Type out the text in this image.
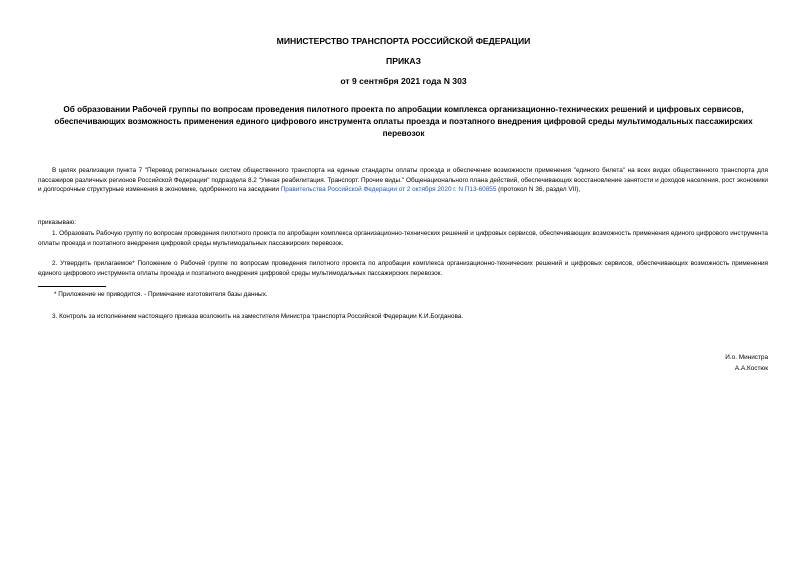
МИНИСТЕРСТВО ТРАНСПОРТА РОССИЙСКОЙ ФЕДЕРАЦИИ
ПРИКАЗ
от 9 сентября 2021 года N 303
Об образовании Рабочей группы по вопросам проведения пилотного проекта по апробации комплекса организационно-технических решений и цифровых сервисов, обеспечивающих возможность применения единого цифрового инструмента оплаты проезда и поэтапного внедрения цифровой среды мультимодальных пассажирских перевозок
В целях реализации пункта 7 "Перевод региональных систем общественного транспорта на единые стандарты оплаты проезда и обеспечение возможности применения "единого билета" на всех видах общественного транспорта для пассажиров различных регионов Российской Федерации" подраздела 8.2 "Умная реабилитация. Транспорт. Прочие виды." Общенационального плана действий, обеспечивающих восстановление занятости и доходов населения, рост экономики и долгосрочные структурные изменения в экономике, одобренного на заседании Правительства Российской Федерации от 2 октября 2020 г. N П13-60855 (протокол N 36, раздел VII),
приказываю:
1. Образовать Рабочую группу по вопросам проведения пилотного проекта по апробации комплекса организационно-технических решений и цифровых сервисов, обеспечивающих возможность применения единого цифрового инструмента оплаты проезда и поэтапного внедрения цифровой среды мультимодальных пассажирских перевозок.
2. Утвердить прилагаемое* Положение о Рабочей группе по вопросам проведения пилотного проекта по апробации комплекса организационно-технических решений и цифровых сервисов, обеспечивающих возможность применения единого цифрового инструмента оплаты проезда и поэтапного внедрения цифровой среды мультимодальных пассажирских перевозок.
* Приложение не приводится. - Примечание изготовителя базы данных.
3. Контроль за исполнением настоящего приказа возложить на заместителя Министра транспорта Российской Федерации К.И.Богданова.
И.о. Министра
А.А.Костюк
